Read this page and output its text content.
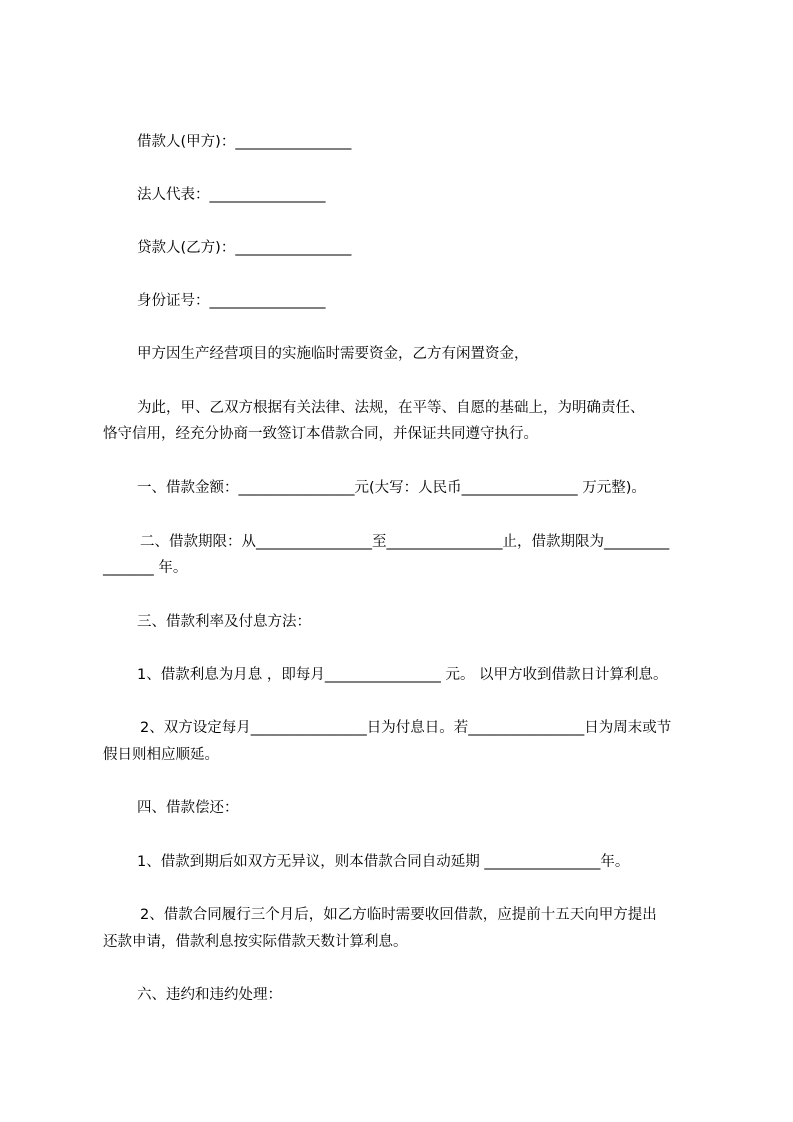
借款人(甲方)：________________
法人代表：________________
贷款人(乙方)：________________
身份证号：________________
甲方因生产经营项目的实施临时需要资金，乙方有闲置资金，
为此，甲、乙双方根据有关法律、法规，在平等、自愿的基础上，为明确责任、
恪守信用，经充分协商一致签订本借款合同，并保证共同遵守执行。
一、借款金额：________________元(大写：人民币________________ 万元整)。
二、借款期限：从________________至________________止，借款期限为_________
_______ 年。
三、借款利率及付息方法：
1、借款利息为月息 ，即每月________________ 元。 以甲方收到借款日计算利息。
2、双方设定每月________________日为付息日。若________________日为周末或节
假日则相应顺延。
四、借款偿还：
1、借款到期后如双方无异议，则本借款合同自动延期 ________________年。
2、借款合同履行三个月后，如乙方临时需要收回借款，应提前十五天向甲方提出
还款申请，借款利息按实际借款天数计算利息。
六、违约和违约处理：
